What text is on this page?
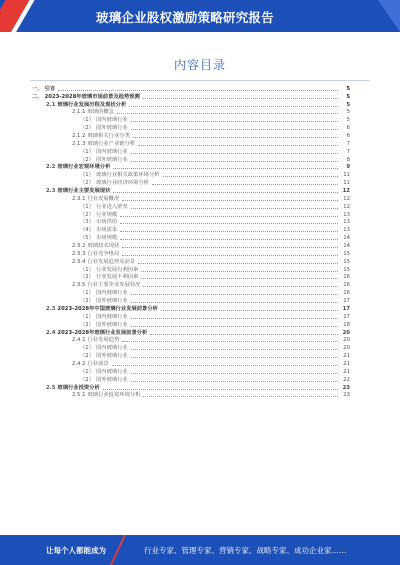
玻璃企业股权激励策略研究报告
内容目录
一、 引言	5
二、 2023-2028年玻璃市场前景及趋势预测	5
2.1 玻璃行业发展历程及现状分析	5
2.1.1 玻璃的概念	5
（1） 国内玻璃行业	5
（2） 国外玻璃行业	6
2.1.2 玻璃相关行业分类	6
2.1.3 玻璃行业产业链分析	7
（1） 国内玻璃行业	7
（2） 国外玻璃行业	8
2.2 玻璃行业宏观环境分析	9
（1） 玻璃行业相关政策环境分析	11
（2） 玻璃行业经济环境分析	11
2.3 玻璃行业主要发展现状	12
2.3.1 行业发展概况	12
（1） 行业进入壁垒	12
（2） 行业规模	13
（3） 市场供给	13
（4） 市场需求	13
（5） 市场规模	14
2.3.2 玻璃技术现状	14
2.3.3 行业竞争格局	15
2.3.4 行业发展趋势及前景	15
（1） 行业发展有利因素	15
（2） 行业发展不利因素	16
2.3.5 行业主要企业发展状况	16
（1） 国内玻璃行业	16
（2） 国外玻璃行业	17
2.3 2023-2028年中国玻璃行业发展前景分析	17
（1） 国内玻璃行业	17
（2） 国外玻璃行业	18
2.4 2023-2028年玻璃行业发展前景分析	20
2.4.1 行业发展趋势	20
（1） 国内玻璃行业	20
（2） 国外玻璃行业	21
2.4.2 行业前景	21
（1） 国内玻璃行业	21
（2） 国外玻璃行业	22
2.5 玻璃行业投资分析	23
2.5.1 玻璃行业投资环境分析	23
让每个人都能成为	行业专家、管理专家、营销专家、战略专家、成功企业家……
